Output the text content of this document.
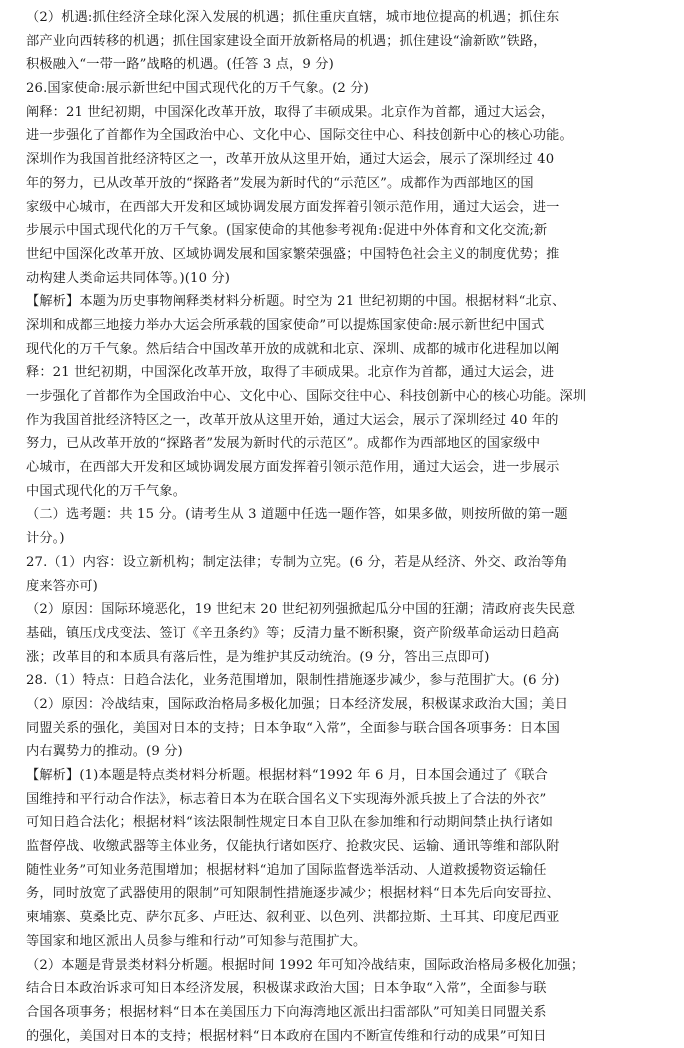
（2）机遇:抓住经济全球化深入发展的机遇；抓住重庆直辖，城市地位提高的机遇；抓住东
部产业向西转移的机遇；抓住国家建设全面开放新格局的机遇；抓住建设“渝新欧”铁路，
积极融入“一带一路”战略的机遇。(任答 3 点，9 分)
26.国家使命:展示新世纪中国式现代化的万千气象。(2 分)
阐释：21 世纪初期，中国深化改革开放，取得了丰硕成果。北京作为首都，通过大运会，
进一步强化了首都作为全国政治中心、文化中心、国际交往中心、科技创新中心的核心功能。
深圳作为我国首批经济特区之一，改革开放从这里开始，通过大运会，展示了深圳经过 40
年的努力，已从改革开放的“探路者”发展为新时代的“示范区”。成都作为西部地区的国
家级中心城市，在西部大开发和区域协调发展方面发挥着引领示范作用，通过大运会，进一
步展示中国式现代化的万千气象。(国家使命的其他参考视角:促进中外体育和文化交流;新
世纪中国深化改革开放、区域协调发展和国家繁荣强盛；中国特色社会主义的制度优势；推
动构建人类命运共同体等。)(10 分)
【解析】本题为历史事物阐释类材料分析题。时空为 21 世纪初期的中国。根据材料“北京、
深圳和成都三地接力举办大运会所承载的国家使命”可以提炼国家使命:展示新世纪中国式
现代化的万千气象。然后结合中国改革开放的成就和北京、深圳、成都的城市化进程加以阐
释：21 世纪初期，中国深化改革开放，取得了丰硕成果。北京作为首都，通过大运会，进
一步强化了首都作为全国政治中心、文化中心、国际交往中心、科技创新中心的核心功能。深圳
作为我国首批经济特区之一，改革开放从这里开始，通过大运会，展示了深圳经过 40 年的
努力，已从改革开放的“探路者”发展为新时代的示范区”。成都作为西部地区的国家级中
心城市，在西部大开发和区域协调发展方面发挥着引领示范作用，通过大运会，进一步展示
中国式现代化的万千气象。
（二）选考题：共 15 分。(请考生从 3 道题中任选一题作答，如果多做，则按所做的第一题
计分。)
27.（1）内容：设立新机构；制定法律；专制为立宪。(6 分，若是从经济、外交、政治等角
度来答亦可)
（2）原因：国际环境恶化，19 世纪末 20 世纪初列强掀起瓜分中国的狂潮；清政府丧失民意
基础，镇压戊戌变法、签订《辛丑条约》等；反清力量不断积聚，资产阶级革命运动日趋高
涨；改革目的和本质具有落后性，是为维护其反动统治。(9 分，答出三点即可)
28.（1）特点：日趋合法化，业务范围增加，限制性措施逐步减少，参与范围扩大。(6 分)
（2）原因：冷战结束，国际政治格局多极化加强；日本经济发展，积极谋求政治大国；美日
同盟关系的强化，美国对日本的支持；日本争取“入常”，全面参与联合国各项事务：日本国
内右翼势力的推动。(9 分)
【解析】(1)本题是特点类材料分析题。根据材料“1992 年 6 月，日本国会通过了《联合
国维持和平行动合作法》，标志着日本为在联合国名义下实现海外派兵披上了合法的外衣”
可知日趋合法化；根据材料“该法限制性规定日本自卫队在参加维和行动期间禁止执行诸如
监督停战、收缴武器等主体业务，仅能执行诸如医疗、抢救灾民、运输、通讯等维和部队附
随性业务”可知业务范围增加；根据材料“追加了国际监督选举活动、人道救援物资运输任
务，同时放宽了武器使用的限制”可知限制性措施逐步减少；根据材料“日本先后向安哥拉、
柬埔寨、莫桑比克、萨尔瓦多、卢旺达、叙利亚、以色列、洪都拉斯、土耳其、印度尼西亚
等国家和地区派出人员参与维和行动”可知参与范围扩大。
（2）本题是背景类材料分析题。根据时间 1992 年可知冷战结束，国际政治格局多极化加强；
结合日本政治诉求可知日本经济发展，积极谋求政治大国；日本争取“入常”，全面参与联
合国各项事务；根据材料“日本在美国压力下向海湾地区派出扫雷部队”可知美日同盟关系
的强化，美国对日本的支持；根据材料“日本政府在国内不断宣传维和行动的成果”可知日
